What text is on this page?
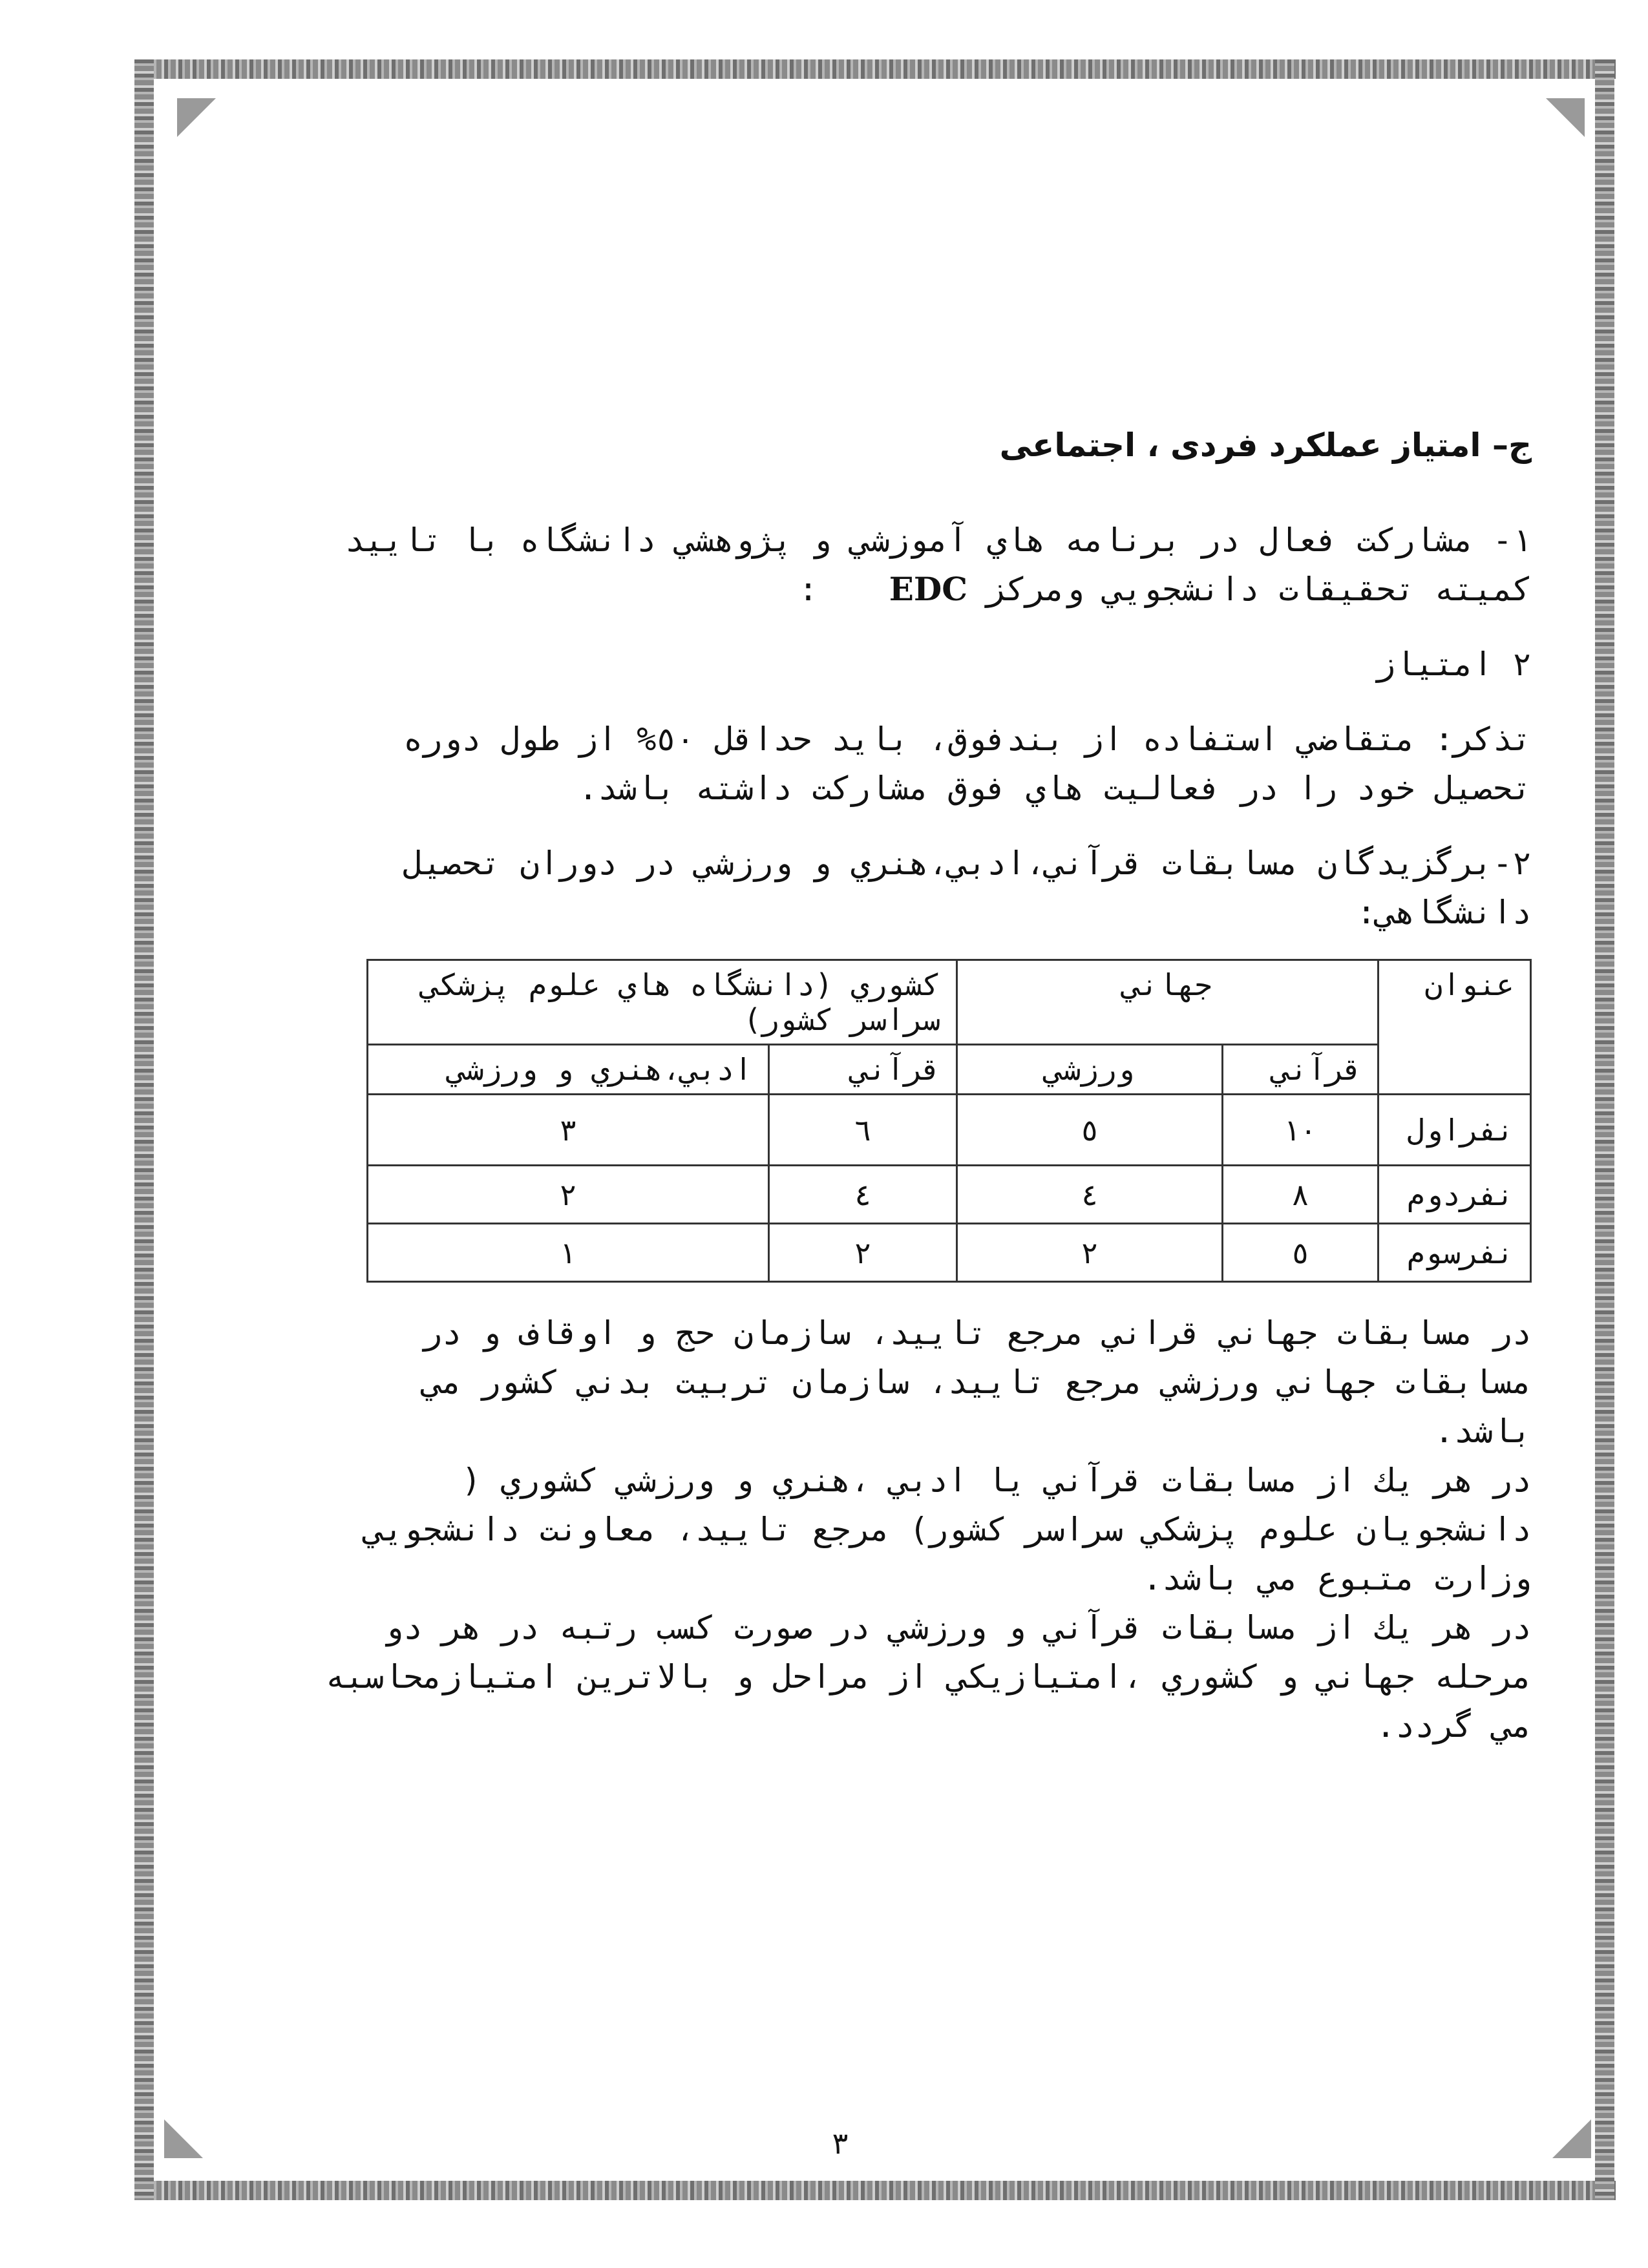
ج– امتیاز عملکرد فردی ، اجتماعی
١- مشاركت فعال در برنامه هاي آموزشي و پژوهشي دانشگاه با تاييد
كميته تحقيقات دانشجويي ومركز EDC :
٢ امتياز
تذكر: متقاضي استفاده از بندفوق، بايد حداقل ٥٠% از طول دوره تحصيل خود را در فعاليت هاي فوق مشاركت داشته باشد.
٢-برگزيدگان مسابقات قرآني،ادبي،هنري و ورزشي در دوران تحصيل دانشگاهي:
عنوان	جهاني		كشوري (دانشگاه هاي علوم پزشكي سراسر كشور)	
	قرآني	ورزشي	قرآني	ادبي،هنري و ورزشي
نفراول	١٠	٥	٦	٣
نفردوم	٨	٤	٤	٢
نفرسوم	٥	٢	٢	١
در مسابقات جهاني قراني مرجع تاييد، سازمان حج و اوقاف و در مسابقات جهاني ورزشي مرجع تاييد، سازمان تربيت بدني كشور مي باشد.
در هر يك از مسابقات قرآني يا ادبي ،هنري و ورزشي كشوري ( دانشجويان علوم پزشكي سراسر كشور) مرجع تاييد، معاونت دانشجويي وزارت متبوع مي باشد.
در هر يك از مسابقات قرآني و ورزشي در صورت كسب رتبه در هر دو مرحله جهاني و كشوري ،امتيازيكي از مراحل و بالاترين امتيازمحاسبه مي گردد.
٣
